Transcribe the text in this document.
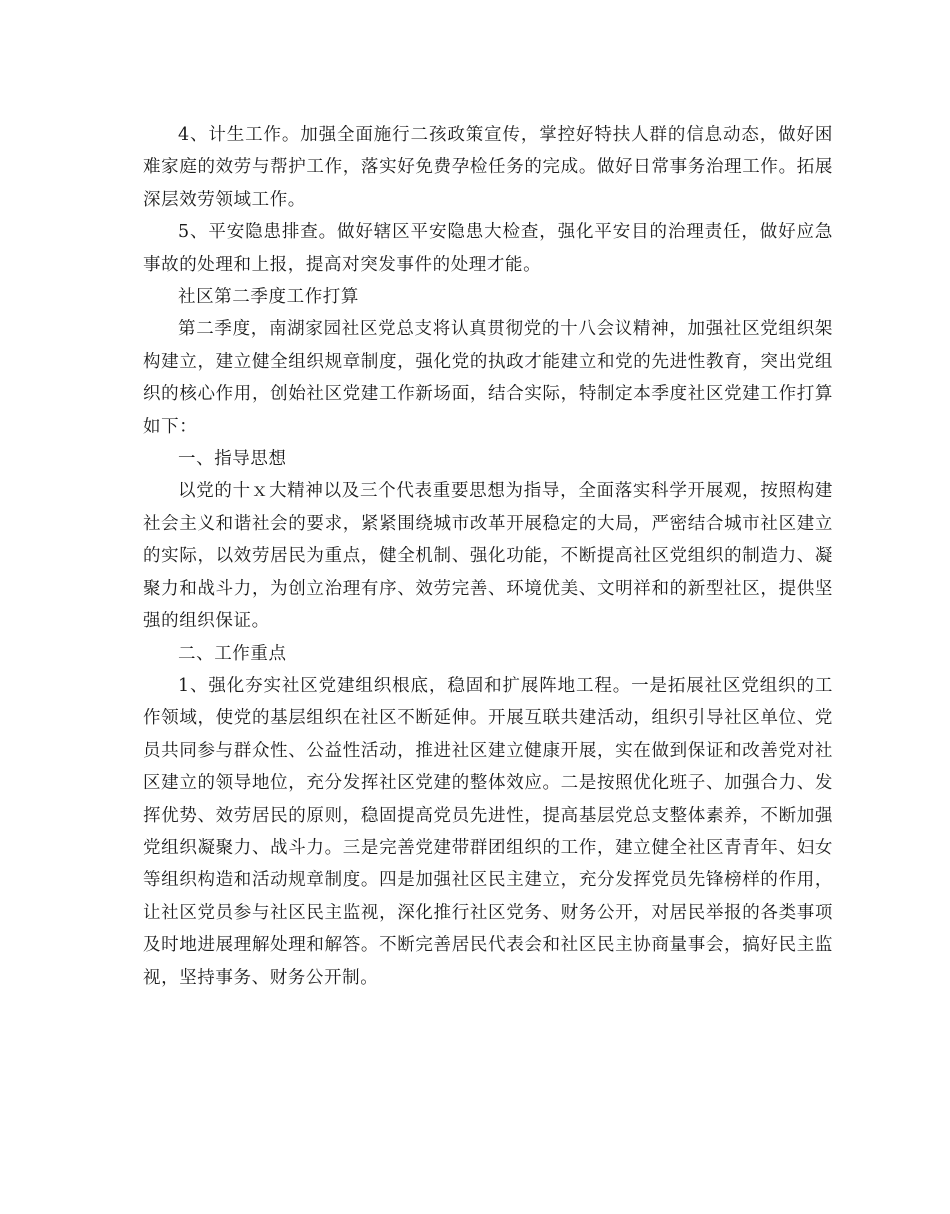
4、计生工作。加强全面施行二孩政策宣传，掌控好特扶人群的信息动态，做好困难家庭的效劳与帮护工作，落实好免费孕检任务的完成。做好日常事务治理工作。拓展深层效劳领域工作。

5、平安隐患排查。做好辖区平安隐患大检查，强化平安目的治理责任，做好应急事故的处理和上报，提高对突发事件的处理才能。

社区第二季度工作打算

第二季度，南湖家园社区党总支将认真贯彻党的十八会议精神，加强社区党组织架构建立，建立健全组织规章制度，强化党的执政才能建立和党的先进性教育，突出党组织的核心作用，创始社区党建工作新场面，结合实际，特制定本季度社区党建工作打算如下：

一、指导思想

以党的十ｘ大精神以及三个代表重要思想为指导，全面落实科学开展观，按照构建社会主义和谐社会的要求，紧紧围绕城市改革开展稳定的大局，严密结合城市社区建立的实际，以效劳居民为重点，健全机制、强化功能，不断提高社区党组织的制造力、凝聚力和战斗力，为创立治理有序、效劳完善、环境优美、文明祥和的新型社区，提供坚强的组织保证。

二、工作重点

1、强化夯实社区党建组织根底，稳固和扩展阵地工程。一是拓展社区党组织的工作领域，使党的基层组织在社区不断延伸。开展互联共建活动，组织引导社区单位、党员共同参与群众性、公益性活动，推进社区建立健康开展，实在做到保证和改善党对社区建立的领导地位，充分发挥社区党建的整体效应。二是按照优化班子、加强合力、发挥优势、效劳居民的原则，稳固提高党员先进性，提高基层党总支整体素养，不断加强党组织凝聚力、战斗力。三是完善党建带群团组织的工作，建立健全社区青青年、妇女等组织构造和活动规章制度。四是加强社区民主建立，充分发挥党员先锋榜样的作用，让社区党员参与社区民主监视，深化推行社区党务、财务公开，对居民举报的各类事项及时地进展理解处理和解答。不断完善居民代表会和社区民主协商量事会，搞好民主监视，坚持事务、财务公开制。
